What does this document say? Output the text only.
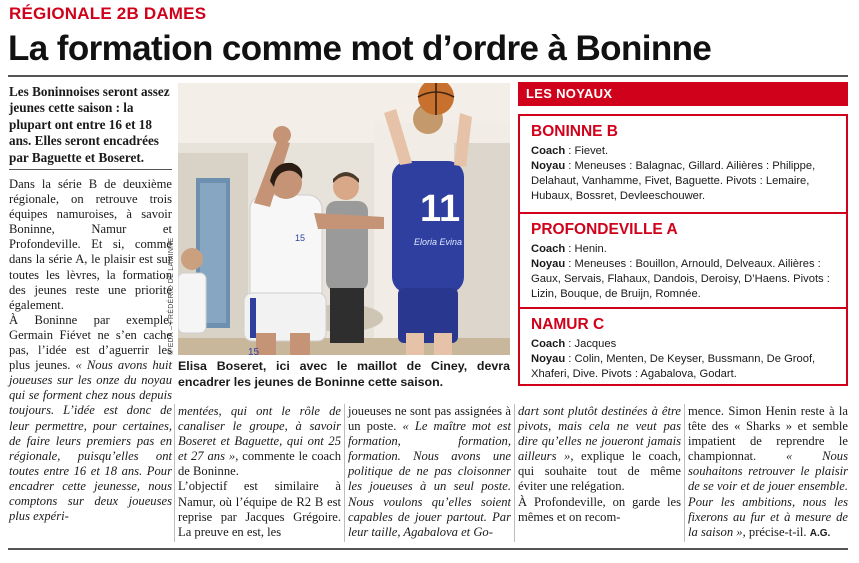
RÉGIONALE 2B DAMES
La formation comme mot d’ordre à Boninne
Les Boninnoises seront assez jeunes cette saison : la plupart ont entre 16 et 18 ans. Elles seront encadrées par Baguette et Boseret.

Dans la série B de deuxième régionale, on retrouve trois équipes namuroises, à savoir Boninne, Namur et Profondeville. Et si, comme dans la série A, le plaisir est sur toutes les lèvres, la formation des jeunes reste une priorité également.

À Boninne par exemple, Germain Fiévet ne s’en cache pas, l’idée est d’aguerrir les plus jeunes. « Nous avons huit joueuses sur les onze du noyau qui se forment chez nous depuis toujours. L’idée est donc de leur permettre, pour certaines, de faire leurs premiers pas en régionale, puisqu’elles ont toutes entre 16 et 18 ans. Pour encadrer cette jeunesse, nous comptons sur deux joueuses plus expéri-

mentées, qui ont le rôle de canaliser le groupe, à savoir Boseret et Baguette, qui ont 25 et 27 ans », commente le coach de Boninne.

L’objectif est similaire à Namur, où l’équipe de R2 B est reprise par Jacques Grégoire. La preuve en est, les

joueuses ne sont pas assignées à un poste. « Le maître mot est formation, formation, formation. Nous avons une politique de ne pas cloisonner les joueuses à un seul poste. Nous voulons qu’elles soient capables de jouer partout. Par leur taille, Agabalova et Go-

dart sont plutôt destinées à être pivots, mais cela ne veut pas dire qu’elles ne joueront jamais ailleurs », explique le coach, qui souhaite tout de même éviter une relégation.

À Profondeville, on garde les mêmes et on recom-

mence. Simon Henin reste à la tête des « Sharks » et semble impatient de reprendre le championnat. « Nous souhaitons retrouver le plaisir de se voir et de jouer ensemble. Pour les ambitions, nous les fixerons au fur et à mesure de la saison », précise-t-il. A.G.

15
15
11
Eloria Evina
© EDA – FRÉDÉRIC DE LAMINNE
Elisa Boseret, ici avec le maillot de Ciney, devra encadrer les jeunes de Boninne cette saison.
LES NOYAUX
BONINNE B
Coach : Fievet.
Noyau : Meneuses : Balagnac, Gillard. Ailières : Philippe, Delahaut, Vanhamme, Fivet, Baguette. Pivots : Lemaire, Hubaux, Bossret, Devleeschouwer.
PROFONDEVILLE A
Coach : Henin.
Noyau : Meneuses : Bouillon, Arnould, Delveaux. Ailières : Gaux, Servais, Flahaux, Dandois, Deroisy, D’Haens. Pivots : Lizin, Bouque, de Bruijn, Romnée.
NAMUR C
Coach : Jacques
Noyau : Colin, Menten, De Keyser, Bussmann, De Groof, Xhaferi, Dive. Pivots : Agabalova, Godart.
